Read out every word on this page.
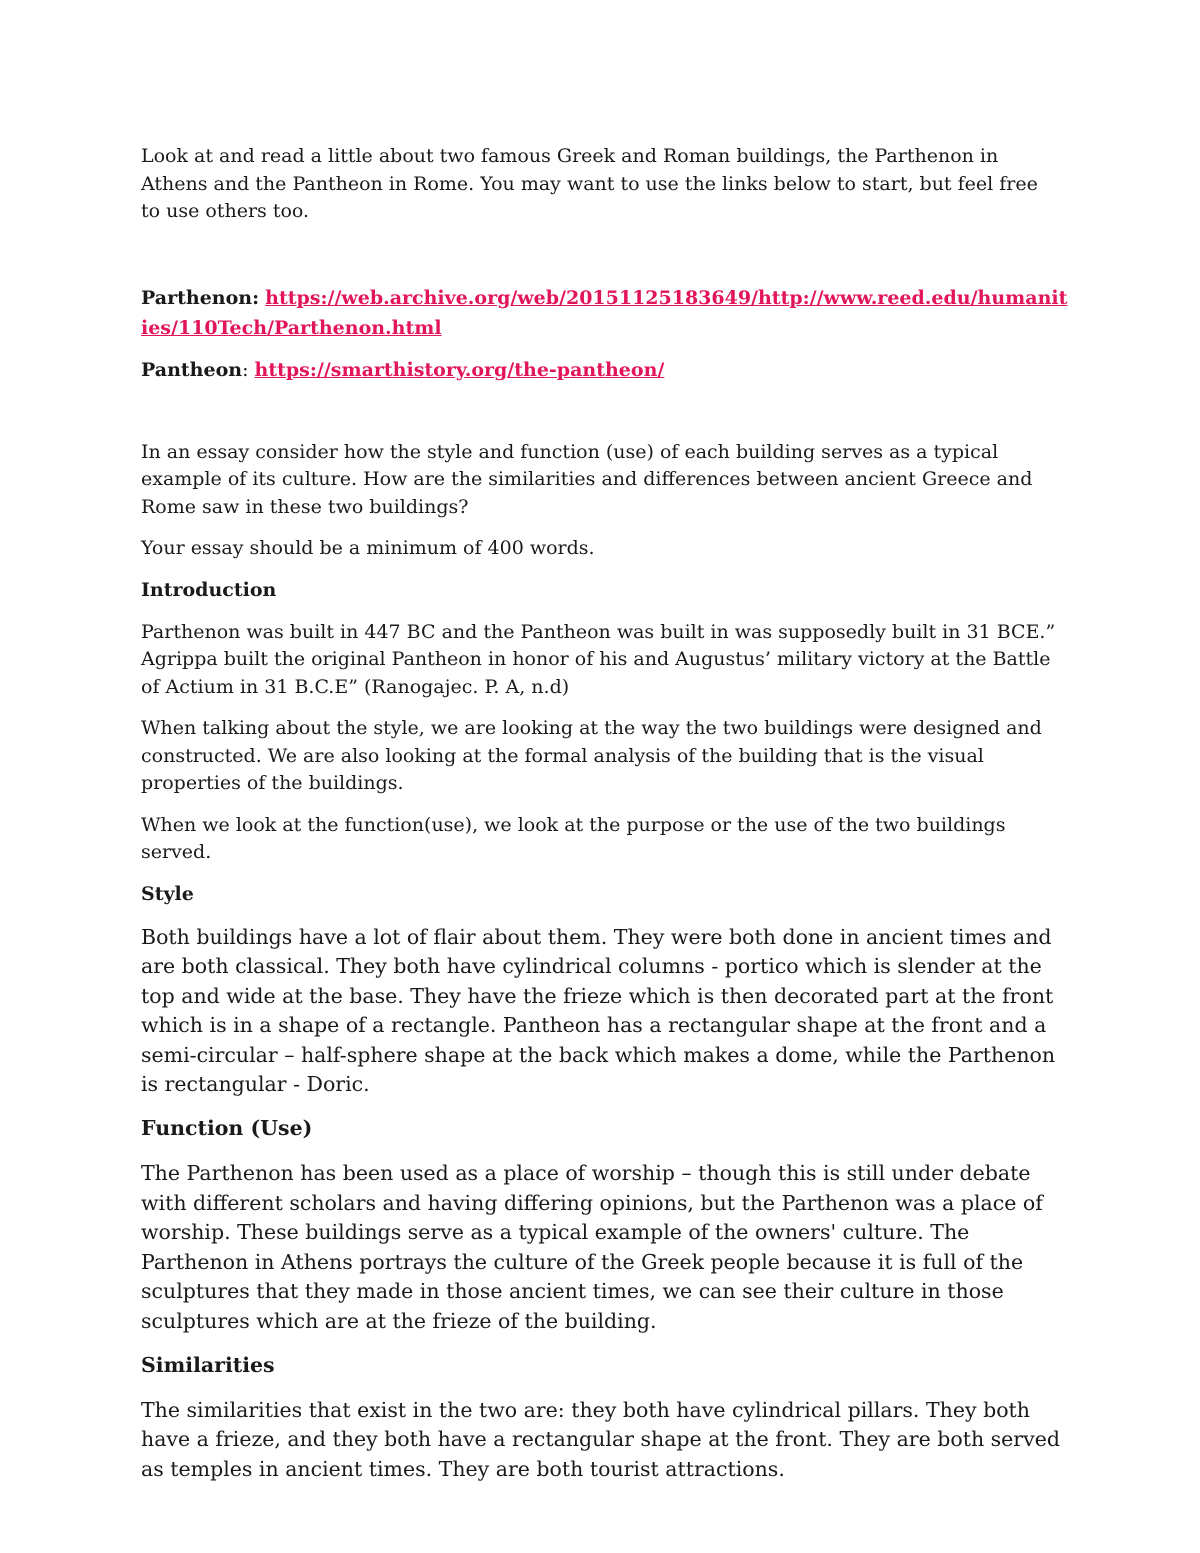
Look at and read a little about two famous Greek and Roman buildings, the Parthenon in Athens and the Pantheon in Rome. You may want to use the links below to start, but feel free to use others too.

Parthenon: https://web.archive.org/web/20151125183649/http://www.reed.edu/humanities/110Tech/Parthenon.html

Pantheon: https://smarthistory.org/the-pantheon/

In an essay consider how the style and function (use) of each building serves as a typical example of its culture. How are the similarities and differences between ancient Greece and Rome saw in these two buildings?

Your essay should be a minimum of 400 words.

Introduction

Parthenon was built in 447 BC and the Pantheon was built in was supposedly built in 31 BCE.” Agrippa built the original Pantheon in honor of his and Augustus’ military victory at the Battle of Actium in 31 B.C.E” (Ranogajec. P. A, n.d)

When talking about the style, we are looking at the way the two buildings were designed and constructed. We are also looking at the formal analysis of the building that is the visual properties of the buildings.

When we look at the function(use), we look at the purpose or the use of the two buildings served.

Style

Both buildings have a lot of flair about them. They were both done in ancient times and are both classical. They both have cylindrical columns - portico which is slender at the top and wide at the base. They have the frieze which is then decorated part at the front which is in a shape of a rectangle. Pantheon has a rectangular shape at the front and a semi-circular – half-sphere shape at the back which makes a dome, while the Parthenon is rectangular - Doric.

Function (Use)

The Parthenon has been used as a place of worship – though this is still under debate with different scholars and having differing opinions, but the Parthenon was a place of worship. These buildings serve as a typical example of the owners' culture. The Parthenon in Athens portrays the culture of the Greek people because it is full of the sculptures that they made in those ancient times, we can see their culture in those sculptures which are at the frieze of the building.

Similarities

The similarities that exist in the two are: they both have cylindrical pillars. They both have a frieze, and they both have a rectangular shape at the front. They are both served as temples in ancient times. They are both tourist attractions.
